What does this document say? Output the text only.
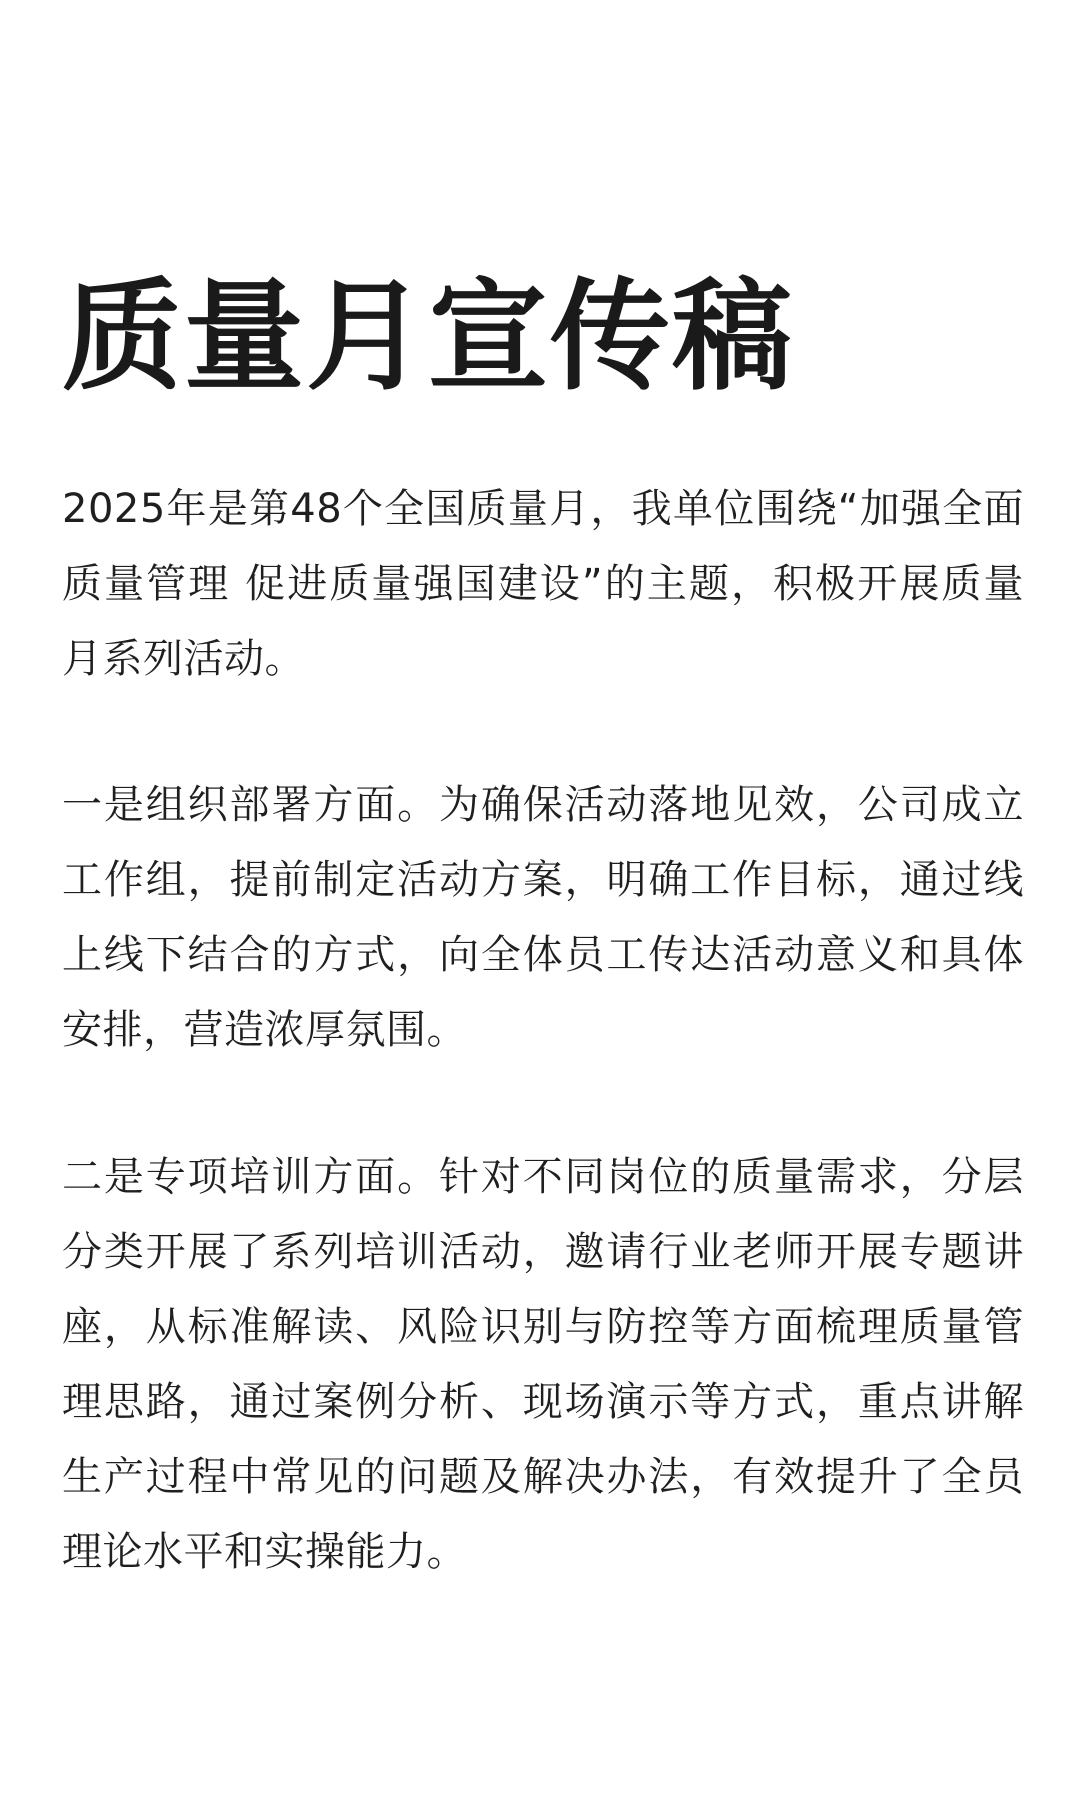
质量月宣传稿

2025年是第48个全国质量月，我单位围绕“加强全面质量管理 促进质量强国建设”的主题，积极开展质量月系列活动。

一是组织部署方面。为确保活动落地见效，公司成立工作组，提前制定活动方案，明确工作目标，通过线上线下结合的方式，向全体员工传达活动意义和具体安排，营造浓厚氛围。

二是专项培训方面。针对不同岗位的质量需求，分层分类开展了系列培训活动，邀请行业老师开展专题讲座，从标准解读、风险识别与防控等方面梳理质量管理思路，通过案例分析、现场演示等方式，重点讲解生产过程中常见的问题及解决办法，有效提升了全员理论水平和实操能力。
